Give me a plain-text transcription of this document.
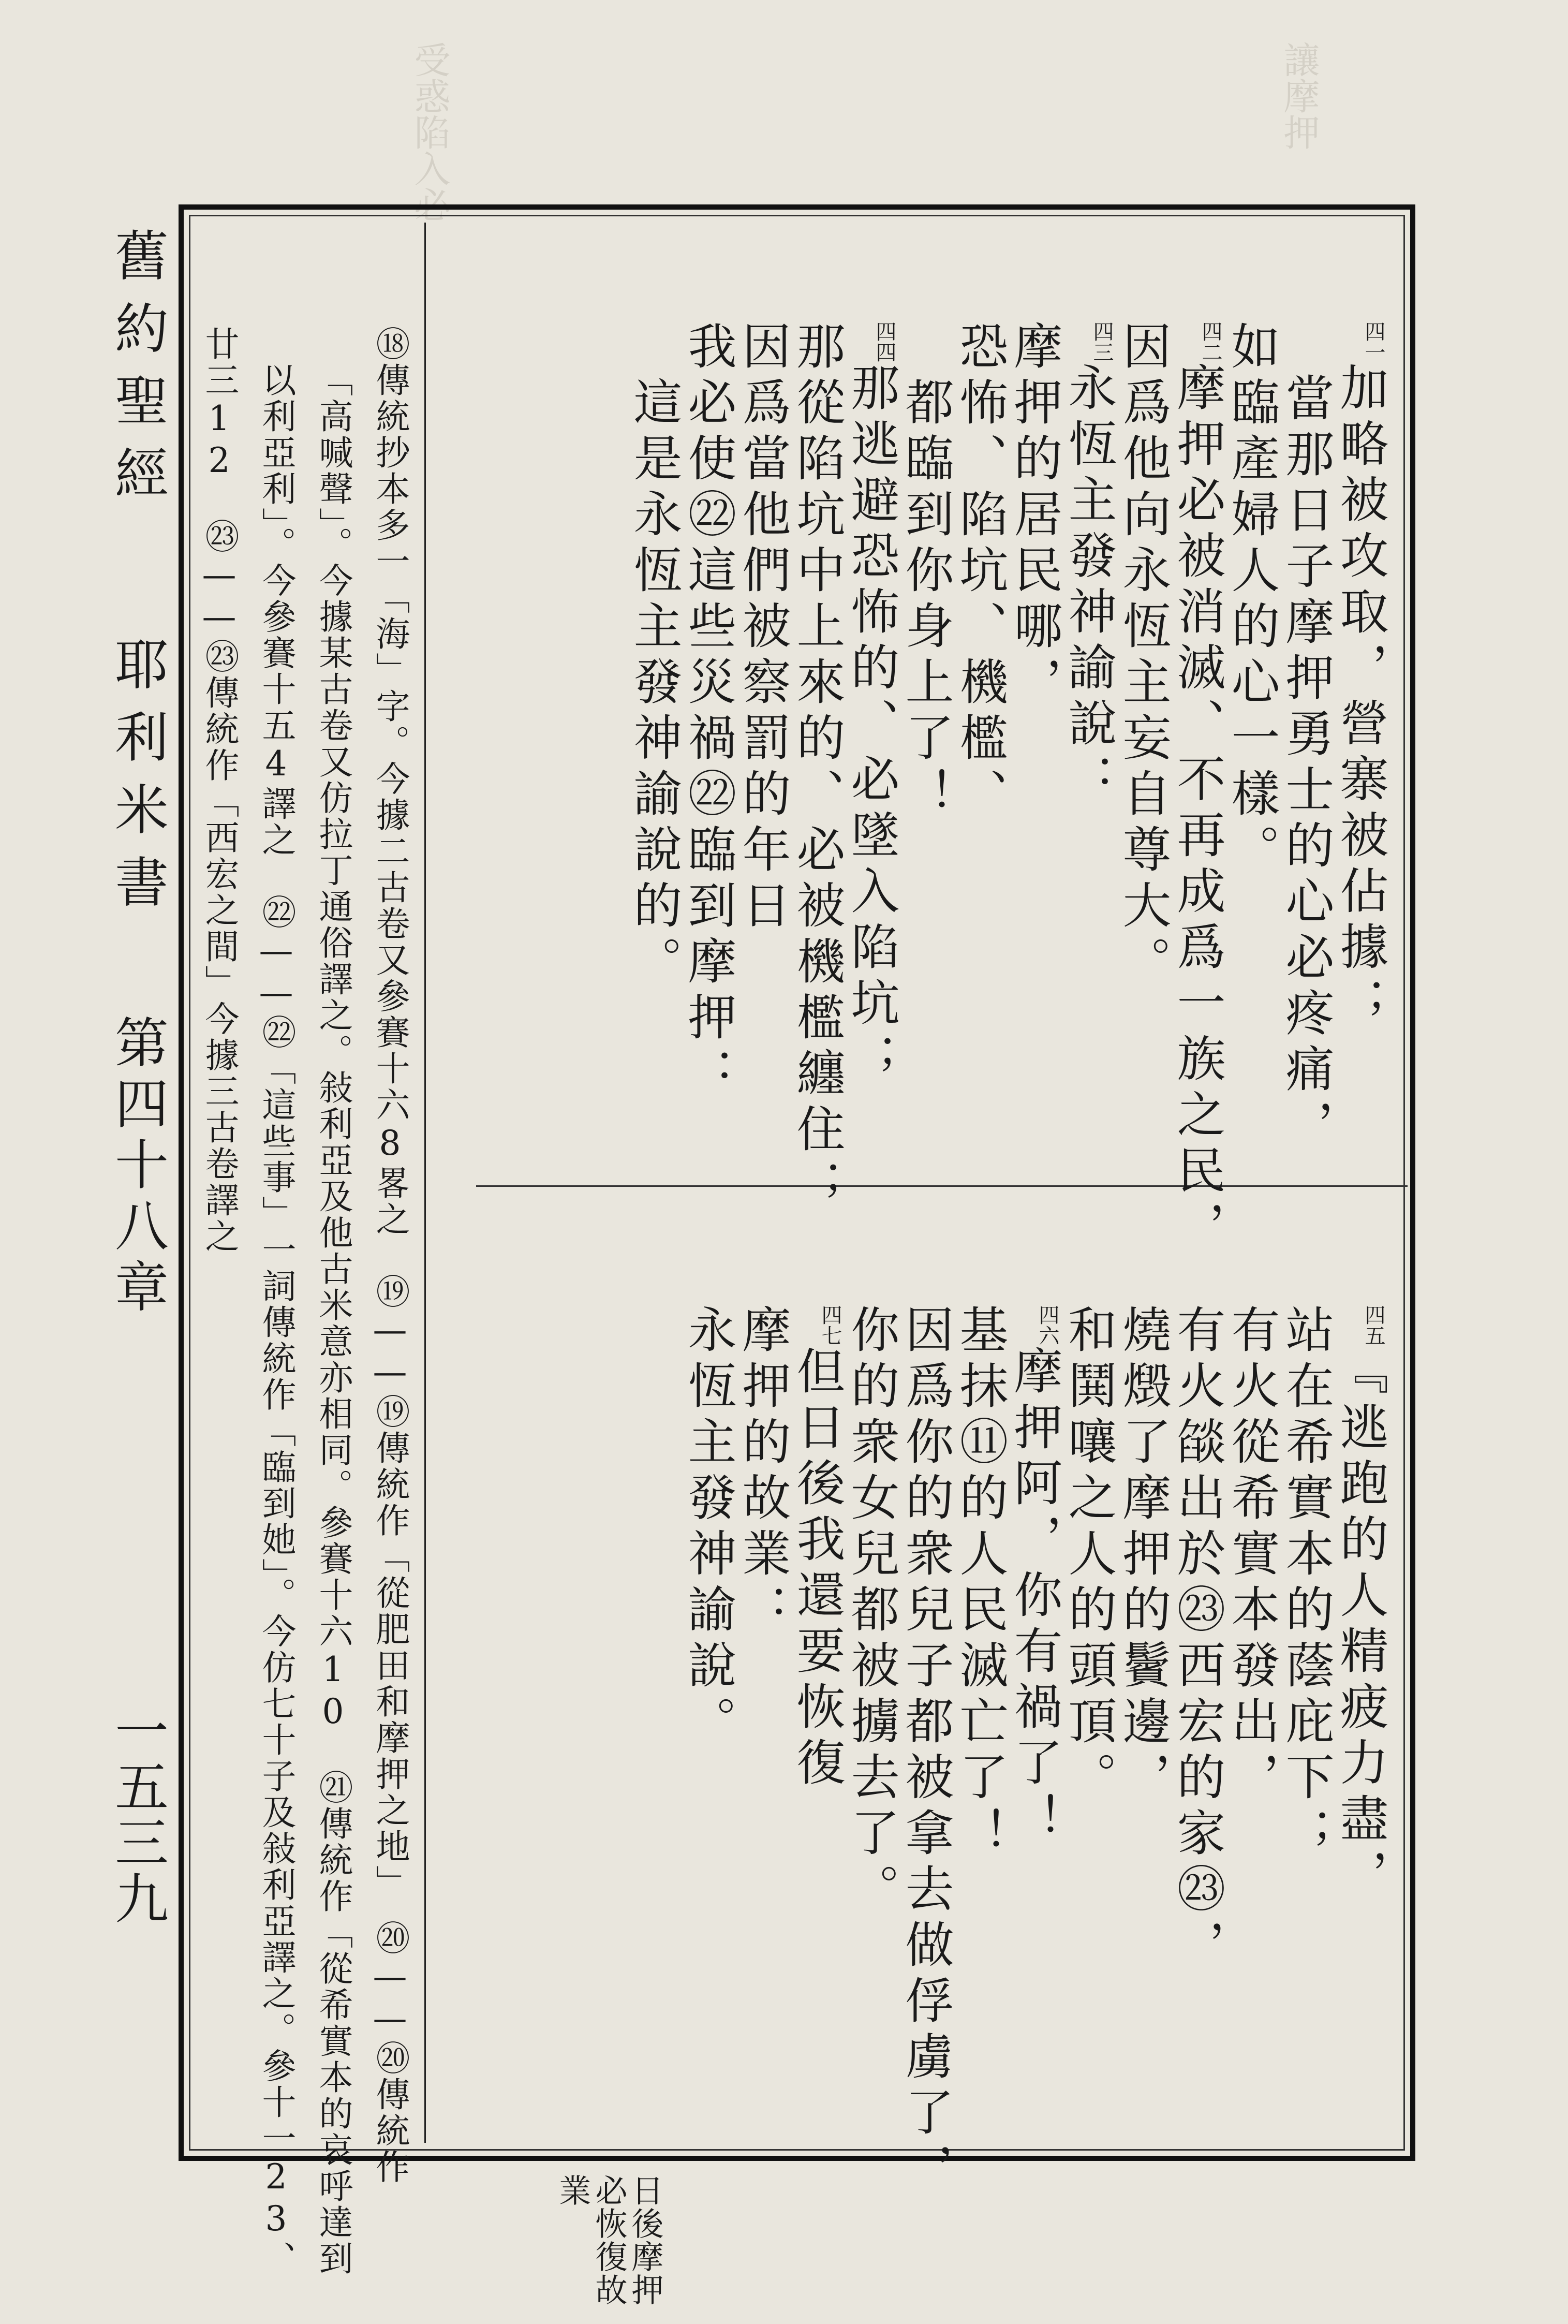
受惑陷入必	讓摩押
舊約聖經
耶利米書
第四十八章
一五三九
$^{四一}$加略被攻取，營寨被佔據；
當那日子摩押勇士的心必疼痛，
如臨產婦人的心一樣。
$^{四二}$摩押必被消滅、不再成爲一族之民，
因爲他向永恆主妄自尊大。
$^{四三}$永恆主發神諭說：
摩押的居民哪，
恐怖、陷坑、機檻、
　都臨到你身上了！
$^{四四}$那逃避恐怖的、必墜入陷坑；
那從陷坑中上來的、必被機檻纏住；
因爲當他們被察罰的年日
我必使㉒這些災禍㉒臨到摩押：
　這是永恆主發神諭說的。
$^{四五}$『逃跑的人精疲力盡，
站在希實本的蔭庇下；
有火從希實本發出，
有火燄出於㉓西宏的家㉓，
燒燬了摩押的鬢邊，
和鬨嚷之人的頭頂。
$^{四六}$摩押阿，你有禍了！
基抹⑪的人民滅亡了！
因爲你的衆兒子都被拿去做俘虜了，
你的衆女兒都被擄去了。
$^{四七}$但日後我還要恢復
摩押的故業：
永恆主發神諭說。
⑱傳統抄本多一「海」字。今據二古卷又參賽十六8畧之　⑲——⑲傳統作「從肥田和摩押之地」　⑳——⑳傳統作
「高喊聲」。今據某古卷又仿拉丁通俗譯之。敍利亞及他古米意亦相同。參賽十六10　㉑傳統作「從希實本的哀呼達到
以利亞利」。今參賽十五4譯之　㉒——㉒「這些事」一詞傳統作「臨到她」。今仿七十子及敍利亞譯之。參十一23、
廿三12　㉓——㉓傳統作「西宏之間」今據三古卷譯之
日後摩押
必恢復故
業
